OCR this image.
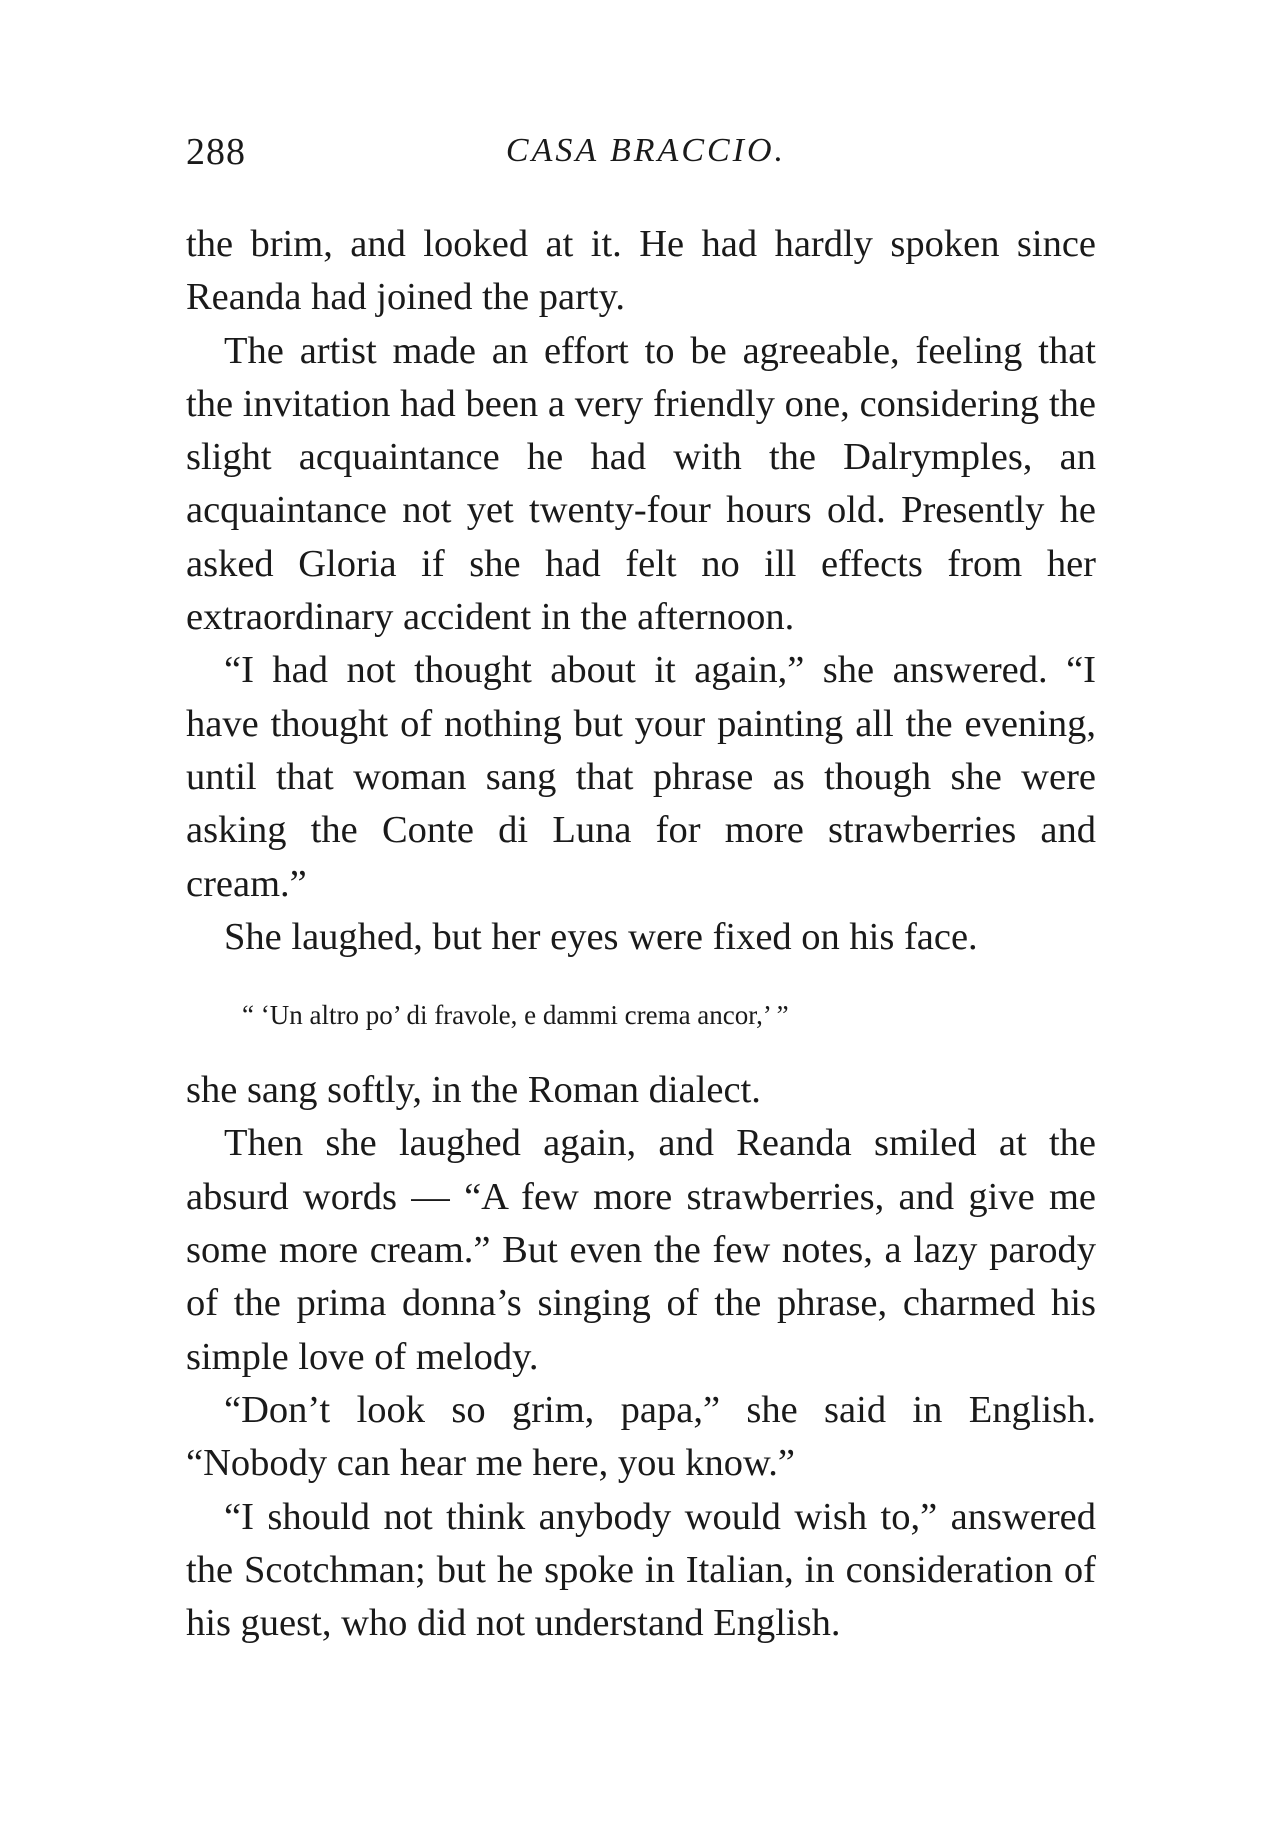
288	CASA BRACCIO.

the brim, and looked at it. He had hardly spoken since Reanda had joined the party.

The artist made an effort to be agreeable, feeling that the invitation had been a very friendly one, considering the slight acquaintance he had with the Dalrymples, an acquaintance not yet twenty-four hours old. Presently he asked Gloria if she had felt no ill effects from her extraordinary accident in the afternoon.

“I had not thought about it again,” she answered. “I have thought of nothing but your painting all the evening, until that woman sang that phrase as though she were asking the Conte di Luna for more strawberries and cream.”

She laughed, but her eyes were fixed on his face.

“ ‘Un altro po’ di fravole, e dammi crema ancor,’ ”

she sang softly, in the Roman dialect.

Then she laughed again, and Reanda smiled at the absurd words — “A few more strawberries, and give me some more cream.” But even the few notes, a lazy parody of the prima donna’s singing of the phrase, charmed his simple love of melody.

“Don’t look so grim, papa,” she said in English. “Nobody can hear me here, you know.”

“I should not think anybody would wish to,” answered the Scotchman; but he spoke in Italian, in consideration of his guest, who did not understand English.
